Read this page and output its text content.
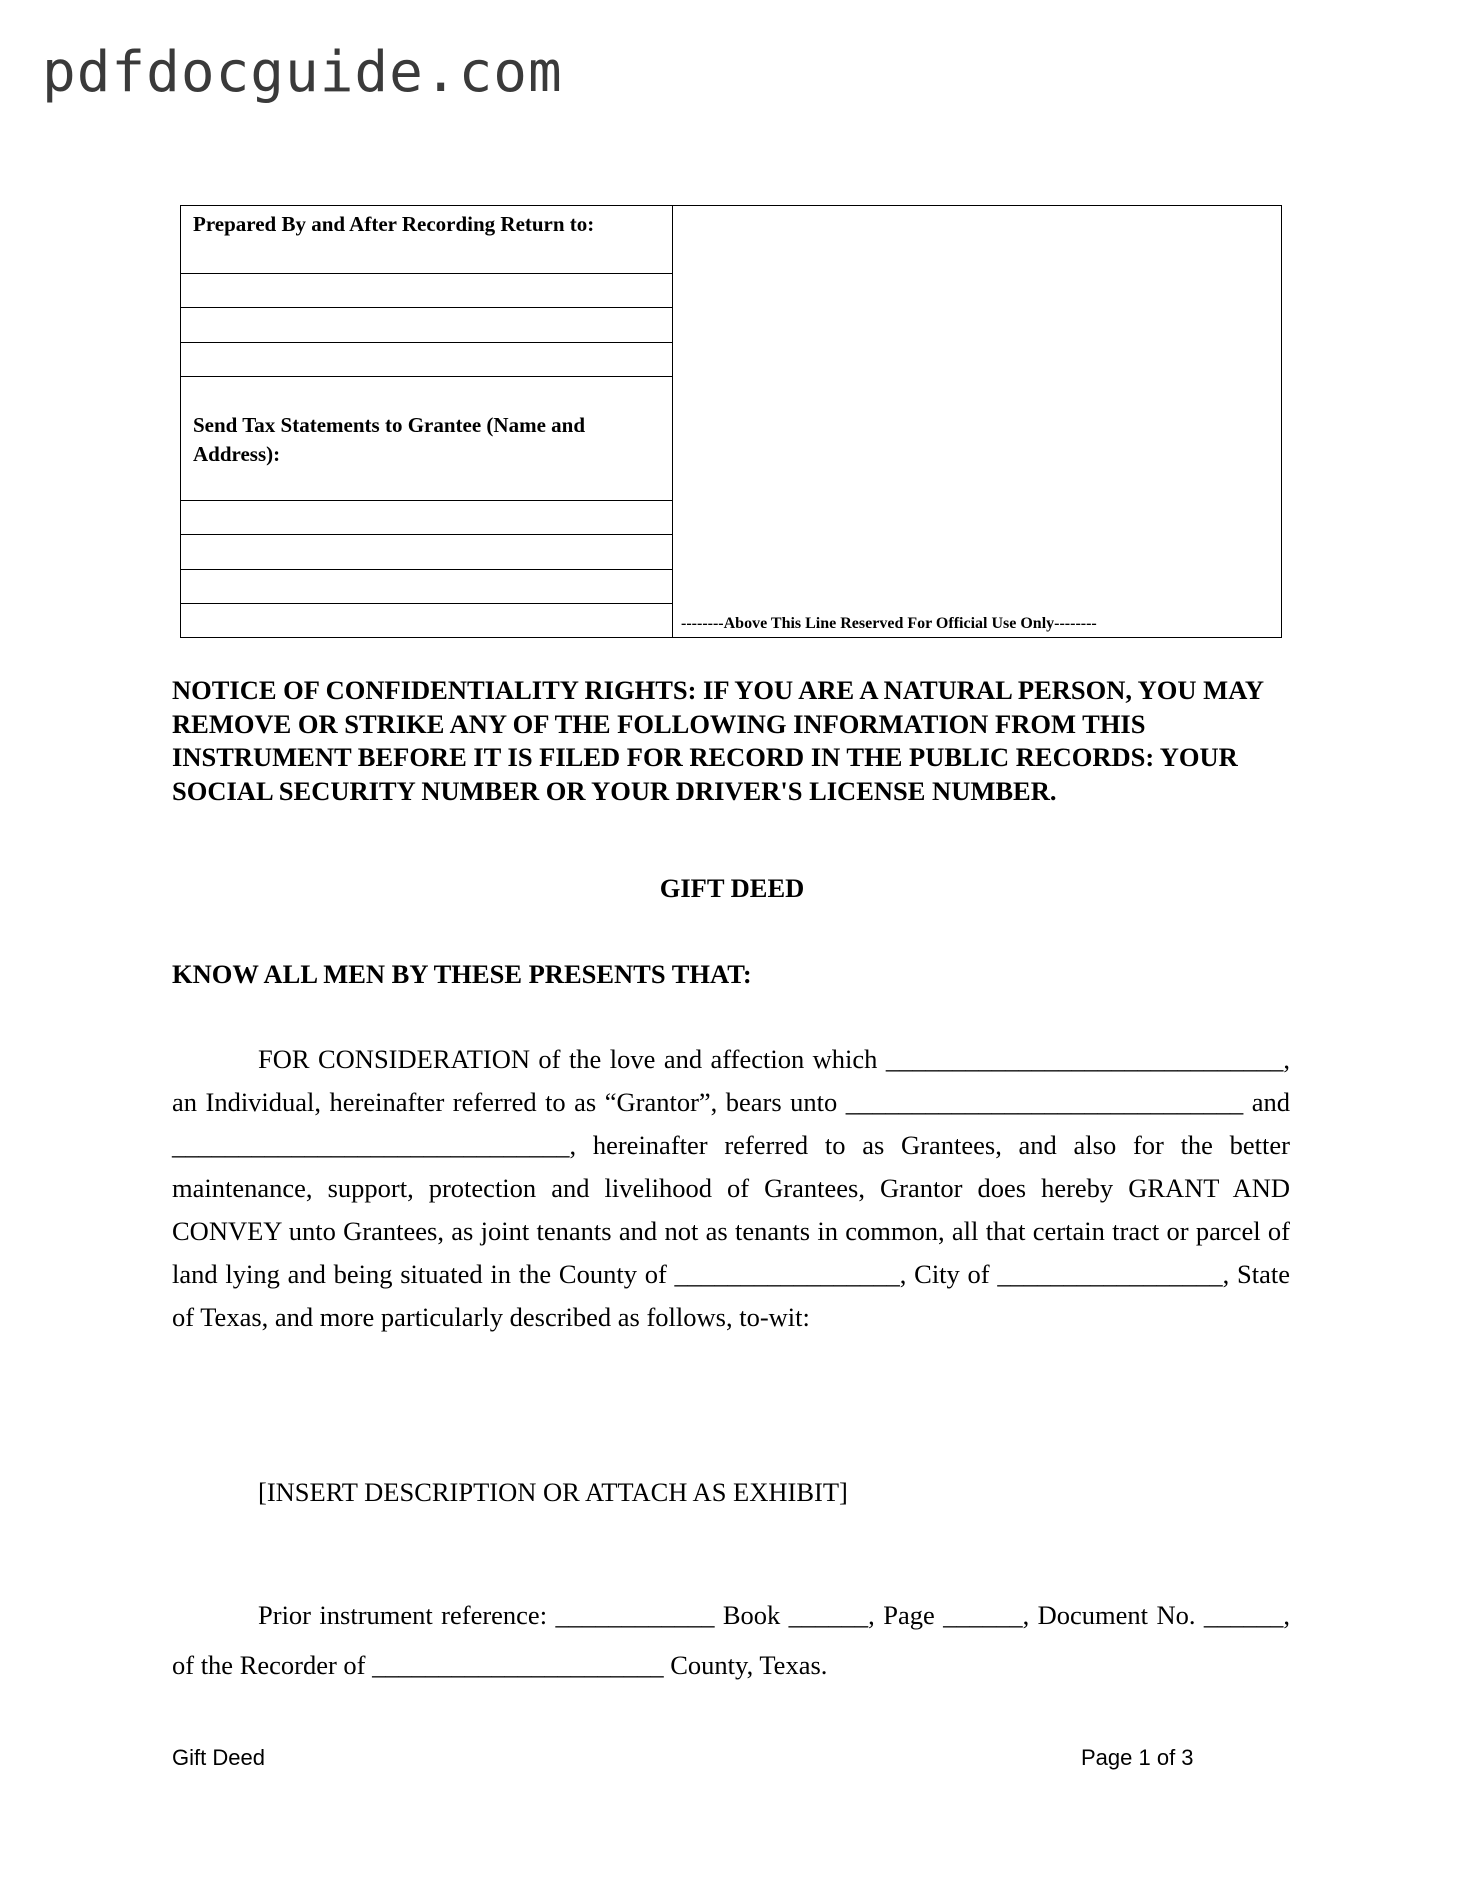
pdfdocguide.com
Prepared By and After Recording Return to:
Send Tax Statements to Grantee (Name and Address):
--------Above This Line Reserved For Official Use Only--------

NOTICE OF CONFIDENTIALITY RIGHTS: IF YOU ARE A NATURAL PERSON, YOU MAY REMOVE OR STRIKE ANY OF THE FOLLOWING INFORMATION FROM THIS INSTRUMENT BEFORE IT IS FILED FOR RECORD IN THE PUBLIC RECORDS: YOUR SOCIAL SECURITY NUMBER OR YOUR DRIVER'S LICENSE NUMBER.

GIFT DEED
KNOW ALL MEN BY THESE PRESENTS THAT:

FOR CONSIDERATION of the love and affection which ______________________________, an Individual, hereinafter referred to as “Grantor”, bears unto ______________________________ and ______________________________, hereinafter referred to as Grantees, and also for the better maintenance, support, protection and livelihood of Grantees, Grantor does hereby GRANT AND CONVEY unto Grantees, as joint tenants and not as tenants in common, all that certain tract or parcel of land lying and being situated in the County of _________________, City of _________________, State of Texas, and more particularly described as follows, to-wit:

[INSERT DESCRIPTION OR ATTACH AS EXHIBIT]

Prior instrument reference: ____________ Book ______, Page ______, Document No. ______, of the Recorder of ______________________ County, Texas.

Gift Deed	Page 1 of 3
